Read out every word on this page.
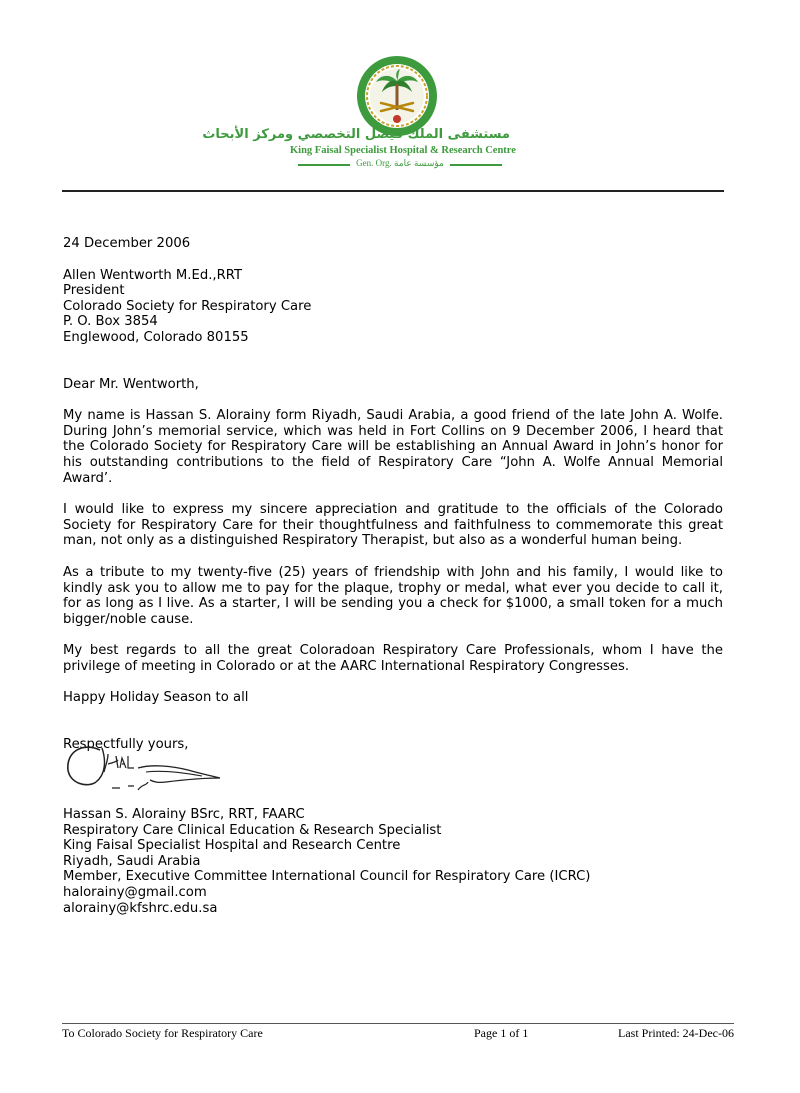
مستشفى الملك فيصل التخصصي ومركز الأبحاث
King Faisal Specialist Hospital & Research Centre
Gen. Org. مؤسسة عامة

24 December 2006

Allen Wentworth M.Ed.,RRT

President

Colorado Society for Respiratory Care

P. O. Box 3854

Englewood, Colorado 80155

Dear Mr. Wentworth,

My name is Hassan S. Alorainy form Riyadh, Saudi Arabia, a good friend of the late John A. Wolfe. During John’s memorial service, which was held in Fort Collins on 9 December 2006, I heard that the Colorado Society for Respiratory Care will be establishing an Annual Award in John’s honor for his outstanding contributions to the field of Respiratory Care “John A. Wolfe Annual Memorial Award’.

I would like to express my sincere appreciation and gratitude to the officials of the Colorado Society for Respiratory Care for their thoughtfulness and faithfulness to commemorate this great man, not only as a distinguished Respiratory Therapist, but also as a wonderful human being.

As a tribute to my twenty-five (25) years of friendship with John and his family, I would like to kindly ask you to allow me to pay for the plaque, trophy or medal, what ever you decide to call it, for as long as I live. As a starter, I will be sending you a check for $1000, a small token for a much bigger/noble cause.

My best regards to all the great Coloradoan Respiratory Care Professionals, whom I have the privilege of meeting in Colorado or at the AARC International Respiratory Congresses.

Happy Holiday Season to all

Respectfully yours,

Hassan S. Alorainy BSrc, RRT, FAARC

Respiratory Care Clinical Education & Research Specialist

King Faisal Specialist Hospital and Research Centre

Riyadh, Saudi Arabia

Member, Executive Committee International Council for Respiratory Care (ICRC)

halorainy@gmail.com

alorainy@kfshrc.edu.sa

To Colorado Society for Respiratory Care	Page 1 of 1	Last Printed: 24-Dec-06
